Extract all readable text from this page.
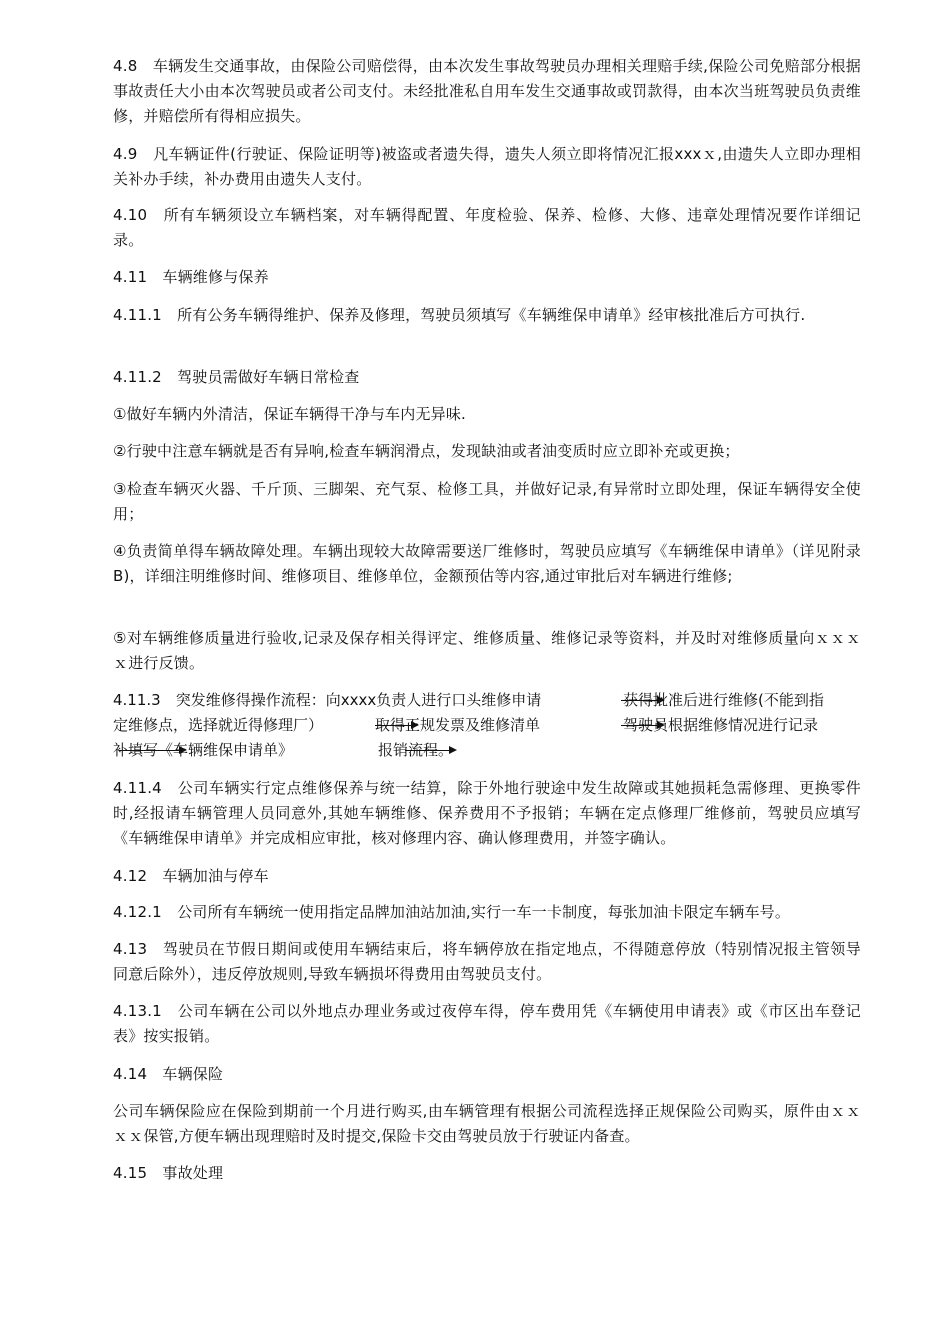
4.8　车辆发生交通事故，由保险公司赔偿得，由本次发生事故驾驶员办理相关理赔手续,保险公司免赔部分根据事故责任大小由本次驾驶员或者公司支付。未经批准私自用车发生交通事故或罚款得，由本次当班驾驶员负责维修，并赔偿所有得相应损失。

4.9　凡车辆证件(行驶证、保险证明等)被盗或者遗失得，遗失人须立即将情况汇报xxxｘ,由遗失人立即办理相关补办手续，补办费用由遗失人支付。

4.10　所有车辆须设立车辆档案，对车辆得配置、年度检验、保养、检修、大修、违章处理情况要作详细记录。

4.11　车辆维修与保养

4.11.1　所有公务车辆得维护、保养及修理，驾驶员须填写《车辆维保申请单》经审核批准后方可执行.

4.11.2　驾驶员需做好车辆日常检查

①做好车辆内外清洁，保证车辆得干净与车内无异味.

②行驶中注意车辆就是否有异响,检查车辆润滑点，发现缺油或者油变质时应立即补充或更换；

③检查车辆灭火器、千斤顶、三脚架、充气泵、检修工具，并做好记录,有异常时立即处理，保证车辆得安全使用；

④负责简单得车辆故障处理。车辆出现较大故障需要送厂维修时，驾驶员应填写《车辆维保申请单》（详见附录B)，详细注明维修时间、维修项目、维修单位，金额预估等内容,通过审批后对车辆进行维修;

⑤对车辆维修质量进行验收,记录及保存相关得评定、维修质量、维修记录等资料，并及时对维修质量向ｘｘｘｘ进行反馈。

4.11.3　突发维修得操作流程：向xxxx负责人进行口头维修申请	获得批准后进行维修(不能到指
定维修点，选择就近得修理厂）	取得正规发票及维修清单	驾驶员根据维修情况进行记录
补填写《车辆维保申请单》	报销流程。

4.11.4　公司车辆实行定点维修保养与统一结算，除于外地行驶途中发生故障或其她损耗急需修理、更换零件时,经报请车辆管理人员同意外,其她车辆维修、保养费用不予报销；车辆在定点修理厂维修前，驾驶员应填写《车辆维保申请单》并完成相应审批，核对修理内容、确认修理费用，并签字确认。

4.12　车辆加油与停车

4.12.1　公司所有车辆统一使用指定品牌加油站加油,实行一车一卡制度，每张加油卡限定车辆车号。

4.13　驾驶员在节假日期间或使用车辆结束后，将车辆停放在指定地点，不得随意停放（特别情况报主管领导同意后除外），违反停放规则,导致车辆损坏得费用由驾驶员支付。

4.13.1　公司车辆在公司以外地点办理业务或过夜停车得，停车费用凭《车辆使用申请表》或《市区出车登记表》按实报销。

4.14　车辆保险

公司车辆保险应在保险到期前一个月进行购买,由车辆管理有根据公司流程选择正规保险公司购买，原件由ｘｘｘｘ保管,方便车辆出现理赔时及时提交,保险卡交由驾驶员放于行驶证内备查。

4.15　事故处理
